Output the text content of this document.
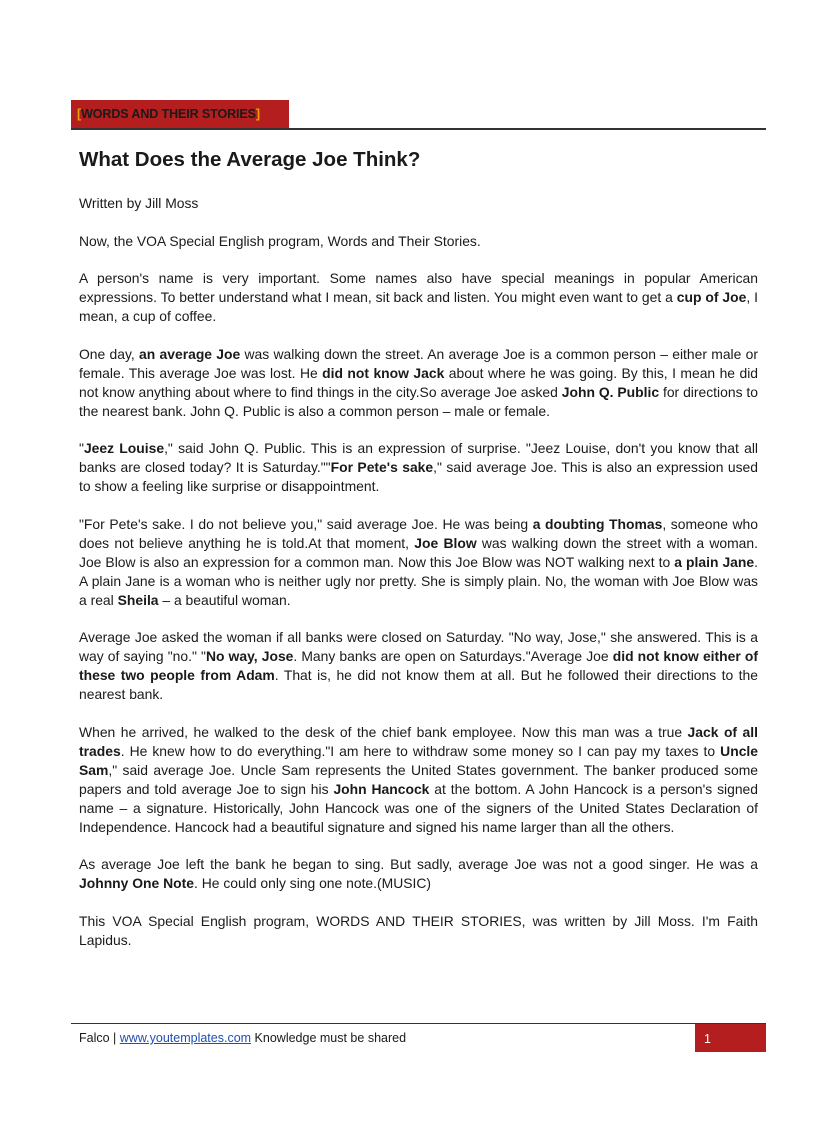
[WORDS AND THEIR STORIES]
What Does the Average Joe Think?

Written by Jill Moss

Now, the VOA Special English program, Words and Their Stories.

A person's name is very important. Some names also have special meanings in popular American expressions. To better understand what I mean, sit back and listen. You might even want to get a cup of Joe, I mean, a cup of coffee.

One day, an average Joe was walking down the street. An average Joe is a common person – either male or female. This average Joe was lost. He did not know Jack about where he was going. By this, I mean he did not know anything about where to find things in the city.So average Joe asked John Q. Public for directions to the nearest bank. John Q. Public is also a common person – male or female.

"Jeez Louise," said John Q. Public. This is an expression of surprise. "Jeez Louise, don't you know that all banks are closed today? It is Saturday.""For Pete's sake," said average Joe. This is also an expression used to show a feeling like surprise or disappointment.

"For Pete's sake. I do not believe you," said average Joe. He was being a doubting Thomas, someone who does not believe anything he is told.At that moment, Joe Blow was walking down the street with a woman. Joe Blow is also an expression for a common man. Now this Joe Blow was NOT walking next to a plain Jane. A plain Jane is a woman who is neither ugly nor pretty. She is simply plain. No, the woman with Joe Blow was a real Sheila – a beautiful woman.

Average Joe asked the woman if all banks were closed on Saturday. "No way, Jose," she answered. This is a way of saying "no." "No way, Jose. Many banks are open on Saturdays."Average Joe did not know either of these two people from Adam. That is, he did not know them at all. But he followed their directions to the nearest bank.

When he arrived, he walked to the desk of the chief bank employee. Now this man was a true Jack of all trades. He knew how to do everything."I am here to withdraw some money so I can pay my taxes to Uncle Sam," said average Joe. Uncle Sam represents the United States government. The banker produced some papers and told average Joe to sign his John Hancock at the bottom. A John Hancock is a person's signed name – a signature. Historically, John Hancock was one of the signers of the United States Declaration of Independence. Hancock had a beautiful signature and signed his name larger than all the others.

As average Joe left the bank he began to sing. But sadly, average Joe was not a good singer. He was a Johnny One Note. He could only sing one note.(MUSIC)

This VOA Special English program, WORDS AND THEIR STORIES, was written by Jill Moss. I'm Faith Lapidus.

Falco | www.youtemplates.com Knowledge must be shared	1
